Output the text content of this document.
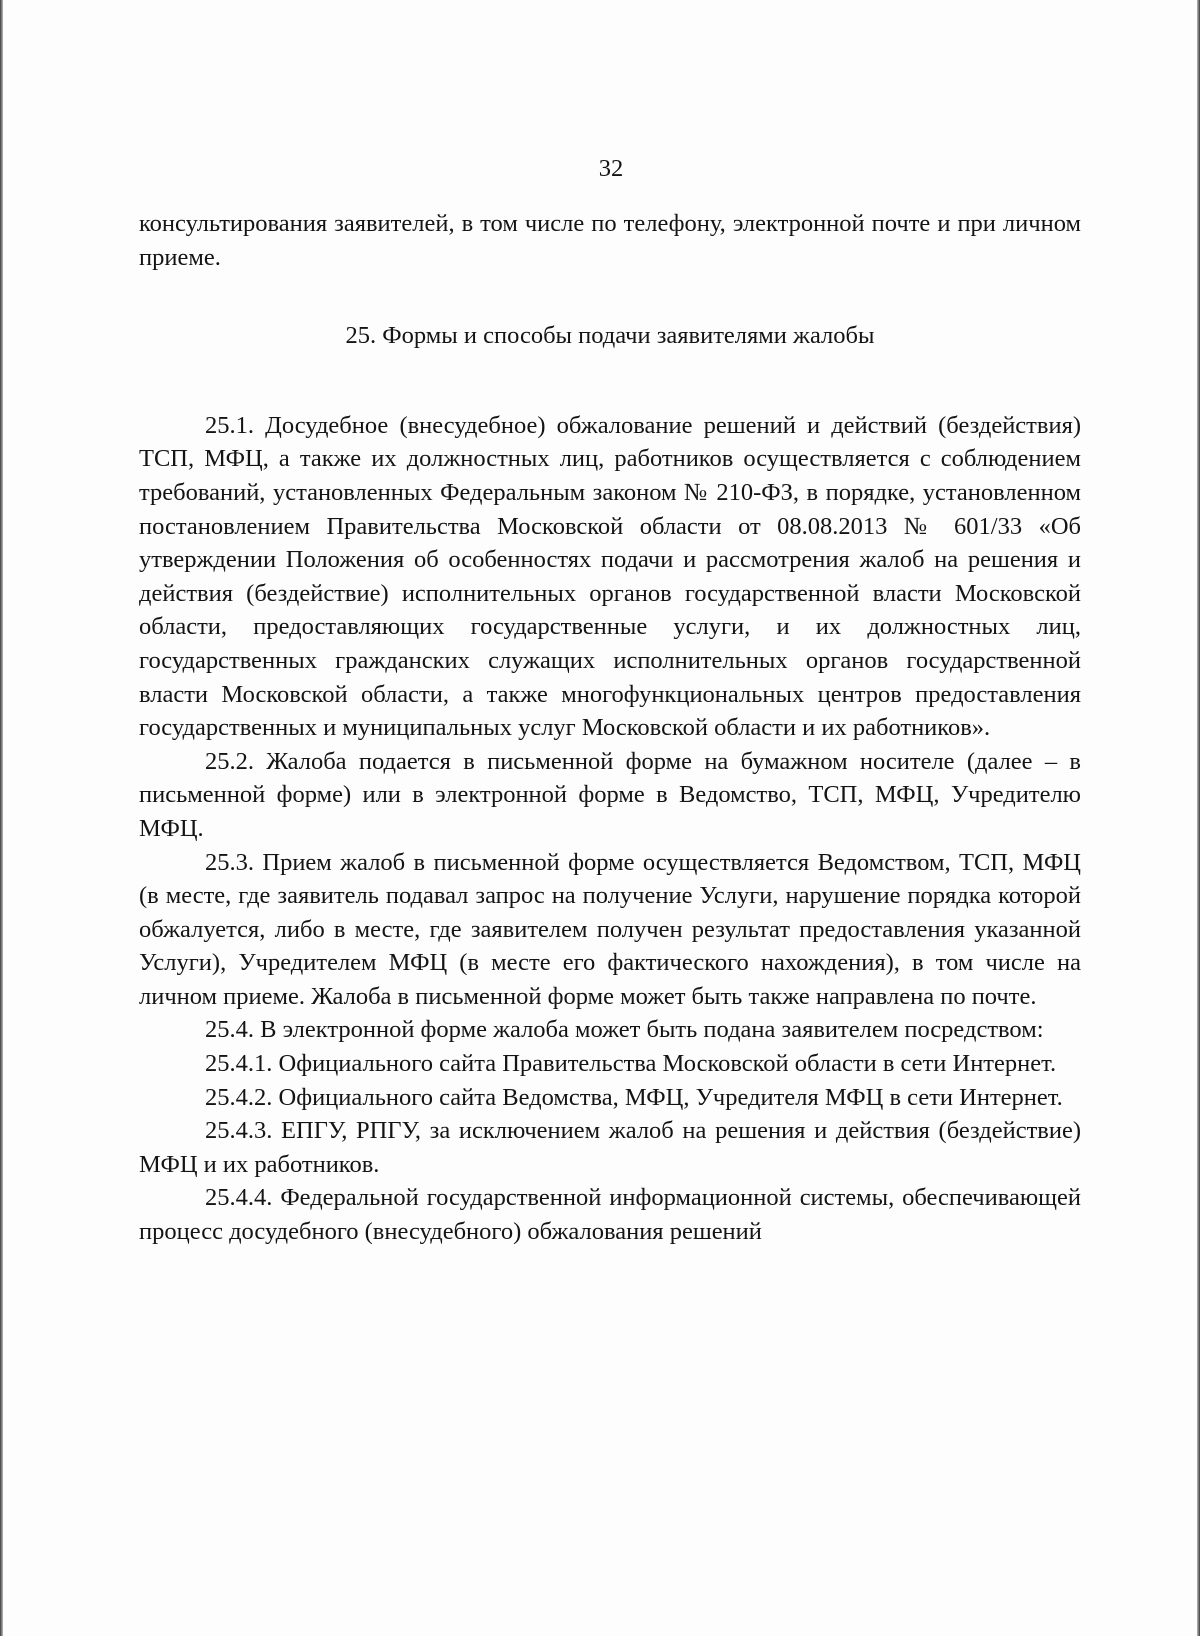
32

консультирования заявителей, в том числе по телефону, электронной почте и при личном приеме.

25. Формы и способы подачи заявителями жалобы

25.1. Досудебное (внесудебное) обжалование решений и действий (бездействия) ТСП, МФЦ, а также их должностных лиц, работников осуществляется с соблюдением требований, установленных Федеральным законом № 210-ФЗ, в порядке, установленном постановлением Правительства Московской области от 08.08.2013 № 601/33 «Об утверждении Положения об особенностях подачи и рассмотрения жалоб на решения и действия (бездействие) исполнительных органов государственной власти Московской области, предоставляющих государственные услуги, и их должностных лиц, государственных гражданских служащих исполнительных органов государственной власти Московской области, а также многофункциональных центров предоставления государственных и муниципальных услуг Московской области и их работников».

25.2. Жалоба подается в письменной форме на бумажном носителе (далее – в письменной форме) или в электронной форме в Ведомство, ТСП, МФЦ, Учредителю МФЦ.

25.3. Прием жалоб в письменной форме осуществляется Ведомством, ТСП, МФЦ (в месте, где заявитель подавал запрос на получение Услуги, нарушение порядка которой обжалуется, либо в месте, где заявителем получен результат предоставления указанной Услуги), Учредителем МФЦ (в месте его фактического нахождения), в том числе на личном приеме. Жалоба в письменной форме может быть также направлена по почте.

25.4. В электронной форме жалоба может быть подана заявителем посредством:

25.4.1. Официального сайта Правительства Московской области в сети Интернет.

25.4.2. Официального сайта Ведомства, МФЦ, Учредителя МФЦ в сети Интернет.

25.4.3. ЕПГУ, РПГУ, за исключением жалоб на решения и действия (бездействие) МФЦ и их работников.

25.4.4. Федеральной государственной информационной системы, обеспечивающей процесс досудебного (внесудебного) обжалования решений
